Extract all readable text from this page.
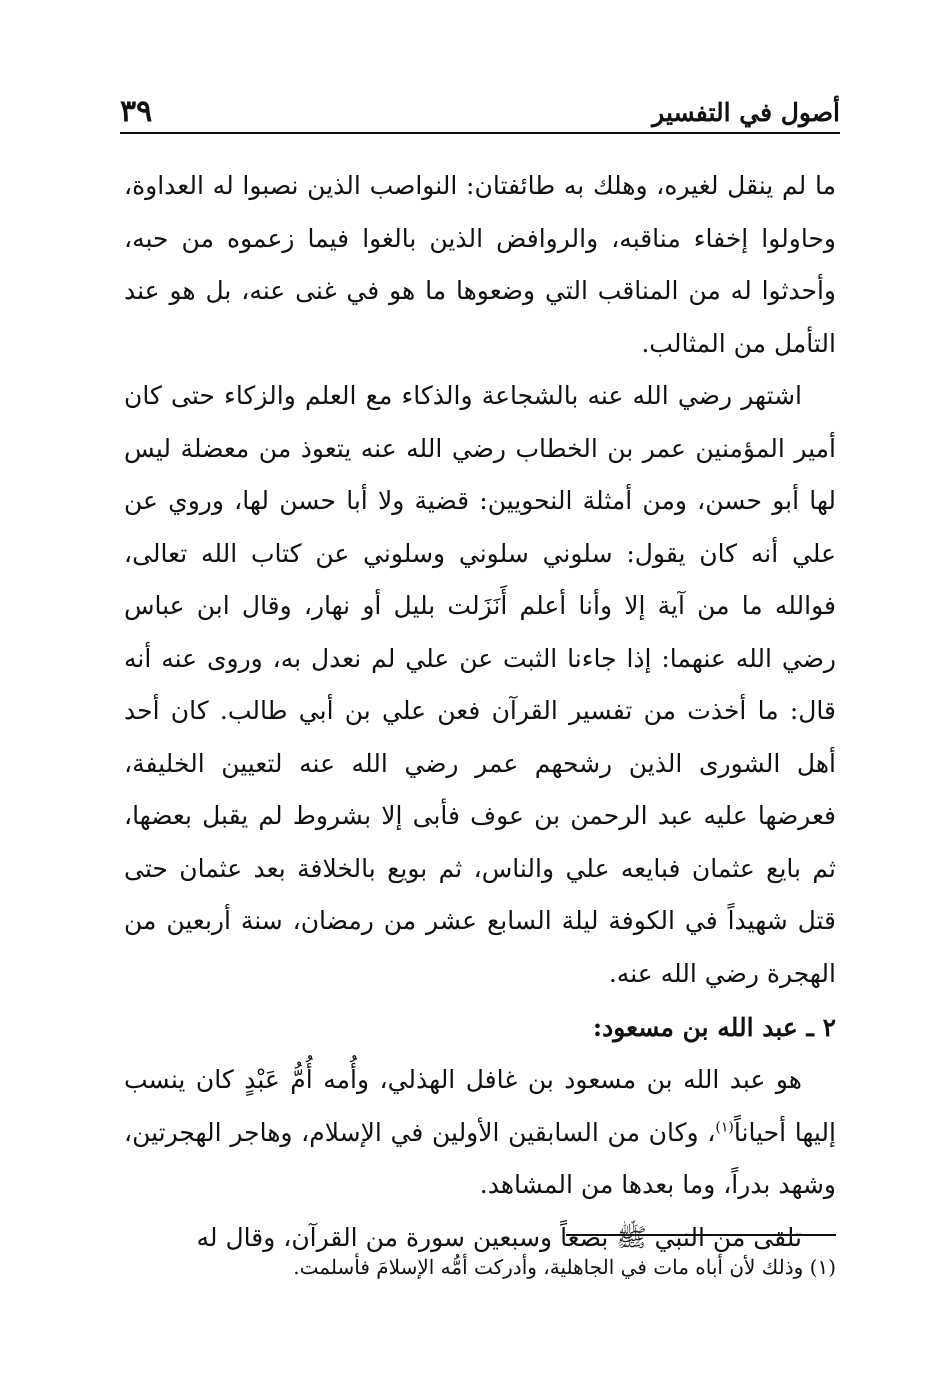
أصول في التفسير
٣٩

ما لم ينقل لغيره، وهلك به طائفتان: النواصب الذين نصبوا له العداوة، وحاولوا إخفاء مناقبه، والروافض الذين بالغوا فيما زعموه من حبه، وأحدثوا له من المناقب التي وضعوها ما هو في غنى عنه، بل هو عند التأمل من المثالب.

اشتهر رضي الله عنه بالشجاعة والذكاء مع العلم والزكاء حتى كان أمير المؤمنين عمر بن الخطاب رضي الله عنه يتعوذ من معضلة ليس لها أبو حسن، ومن أمثلة النحويين: قضية ولا أبا حسن لها، وروي عن علي أنه كان يقول: سلوني سلوني وسلوني عن كتاب الله تعالى، فوالله ما من آية إلا وأنا أعلم أَنَزَلت بليل أو نهار، وقال ابن عباس رضي الله عنهما: إذا جاءنا الثبت عن علي لم نعدل به، وروى عنه أنه قال: ما أخذت من تفسير القرآن فعن علي بن أبي طالب. كان أحد أهل الشورى الذين رشحهم عمر رضي الله عنه لتعيين الخليفة، فعرضها عليه عبد الرحمن بن عوف فأبى إلا بشروط لم يقبل بعضها، ثم بايع عثمان فبايعه علي والناس، ثم بويع بالخلافة بعد عثمان حتى قتل شهيداً في الكوفة ليلة السابع عشر من رمضان، سنة أربعين من الهجرة رضي الله عنه.

٢ ـ عبد الله بن مسعود:

هو عبد الله بن مسعود بن غافل الهذلي، وأُمه أُمُّ عَبْدٍ كان ينسب إليها أحياناً$^{(١)}$، وكان من السابقين الأولين في الإسلام، وهاجر الهجرتين، وشهد بدراً، وما بعدها من المشاهد.

تلقى من النبي ﷺ بضعاً وسبعين سورة من القرآن، وقال له

(١) وذلك لأن أباه مات في الجاهلية، وأدركت أمُّه الإسلامَ فأسلمت.
